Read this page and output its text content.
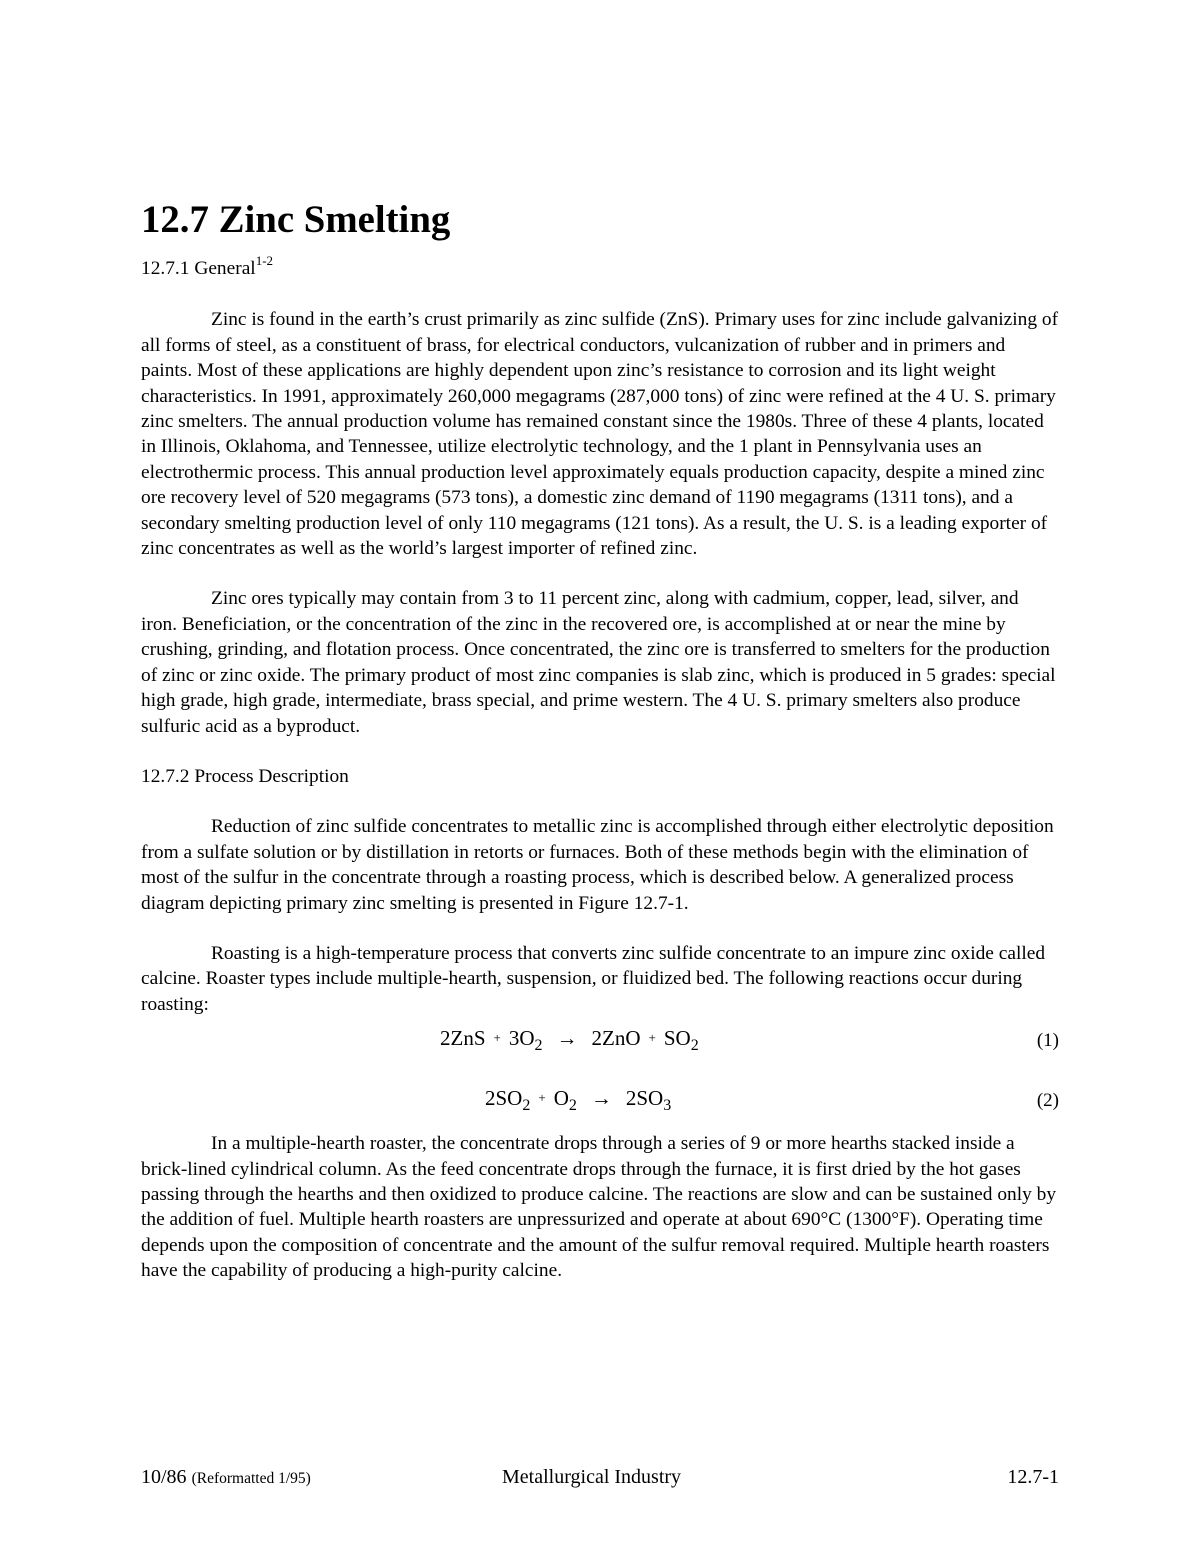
12.7 Zinc Smelting

12.7.1 General$^{1-2}$

Zinc is found in the earth’s crust primarily as zinc sulfide (ZnS). Primary uses for zinc include galvanizing of all forms of steel, as a constituent of brass, for electrical conductors, vulcanization of rubber and in primers and paints. Most of these applications are highly dependent upon zinc’s resistance to corrosion and its light weight characteristics. In 1991, approximately 260,000 megagrams (287,000 tons) of zinc were refined at the 4 U. S. primary zinc smelters. The annual production volume has remained constant since the 1980s. Three of these 4 plants, located in Illinois, Oklahoma, and Tennessee, utilize electrolytic technology, and the 1 plant in Pennsylvania uses an electrothermic process. This annual production level approximately equals production capacity, despite a mined zinc ore recovery level of 520 megagrams (573 tons), a domestic zinc demand of 1190 megagrams (1311 tons), and a secondary smelting production level of only 110 megagrams (121 tons). As a result, the U. S. is a leading exporter of zinc concentrates as well as the world’s largest importer of refined zinc.

Zinc ores typically may contain from 3 to 11 percent zinc, along with cadmium, copper, lead, silver, and iron. Beneficiation, or the concentration of the zinc in the recovered ore, is accomplished at or near the mine by crushing, grinding, and flotation process. Once concentrated, the zinc ore is transferred to smelters for the production of zinc or zinc oxide. The primary product of most zinc companies is slab zinc, which is produced in 5 grades: special high grade, high grade, intermediate, brass special, and prime western. The 4 U. S. primary smelters also produce sulfuric acid as a byproduct.

12.7.2 Process Description

Reduction of zinc sulfide concentrates to metallic zinc is accomplished through either electrolytic deposition from a sulfate solution or by distillation in retorts or furnaces. Both of these methods begin with the elimination of most of the sulfur in the concentrate through a roasting process, which is described below. A generalized process diagram depicting primary zinc smelting is presented in Figure 12.7-1.

Roasting is a high-temperature process that converts zinc sulfide concentrate to an impure zinc oxide called calcine. Roaster types include multiple-hearth, suspension, or fluidized bed. The following reactions occur during roasting:

$2ZnS + 3O_2 \to 2ZnO + SO_2$	(1)
$2SO_2 + O_2 \to 2SO_3$	(2)

In a multiple-hearth roaster, the concentrate drops through a series of 9 or more hearths stacked inside a brick-lined cylindrical column. As the feed concentrate drops through the furnace, it is first dried by the hot gases passing through the hearths and then oxidized to produce calcine. The reactions are slow and can be sustained only by the addition of fuel. Multiple hearth roasters are unpressurized and operate at about 690°C (1300°F). Operating time depends upon the composition of concentrate and the amount of the sulfur removal required. Multiple hearth roasters have the capability of producing a high-purity calcine.

10/86 (Reformatted 1/95)	Metallurgical Industry	12.7-1
